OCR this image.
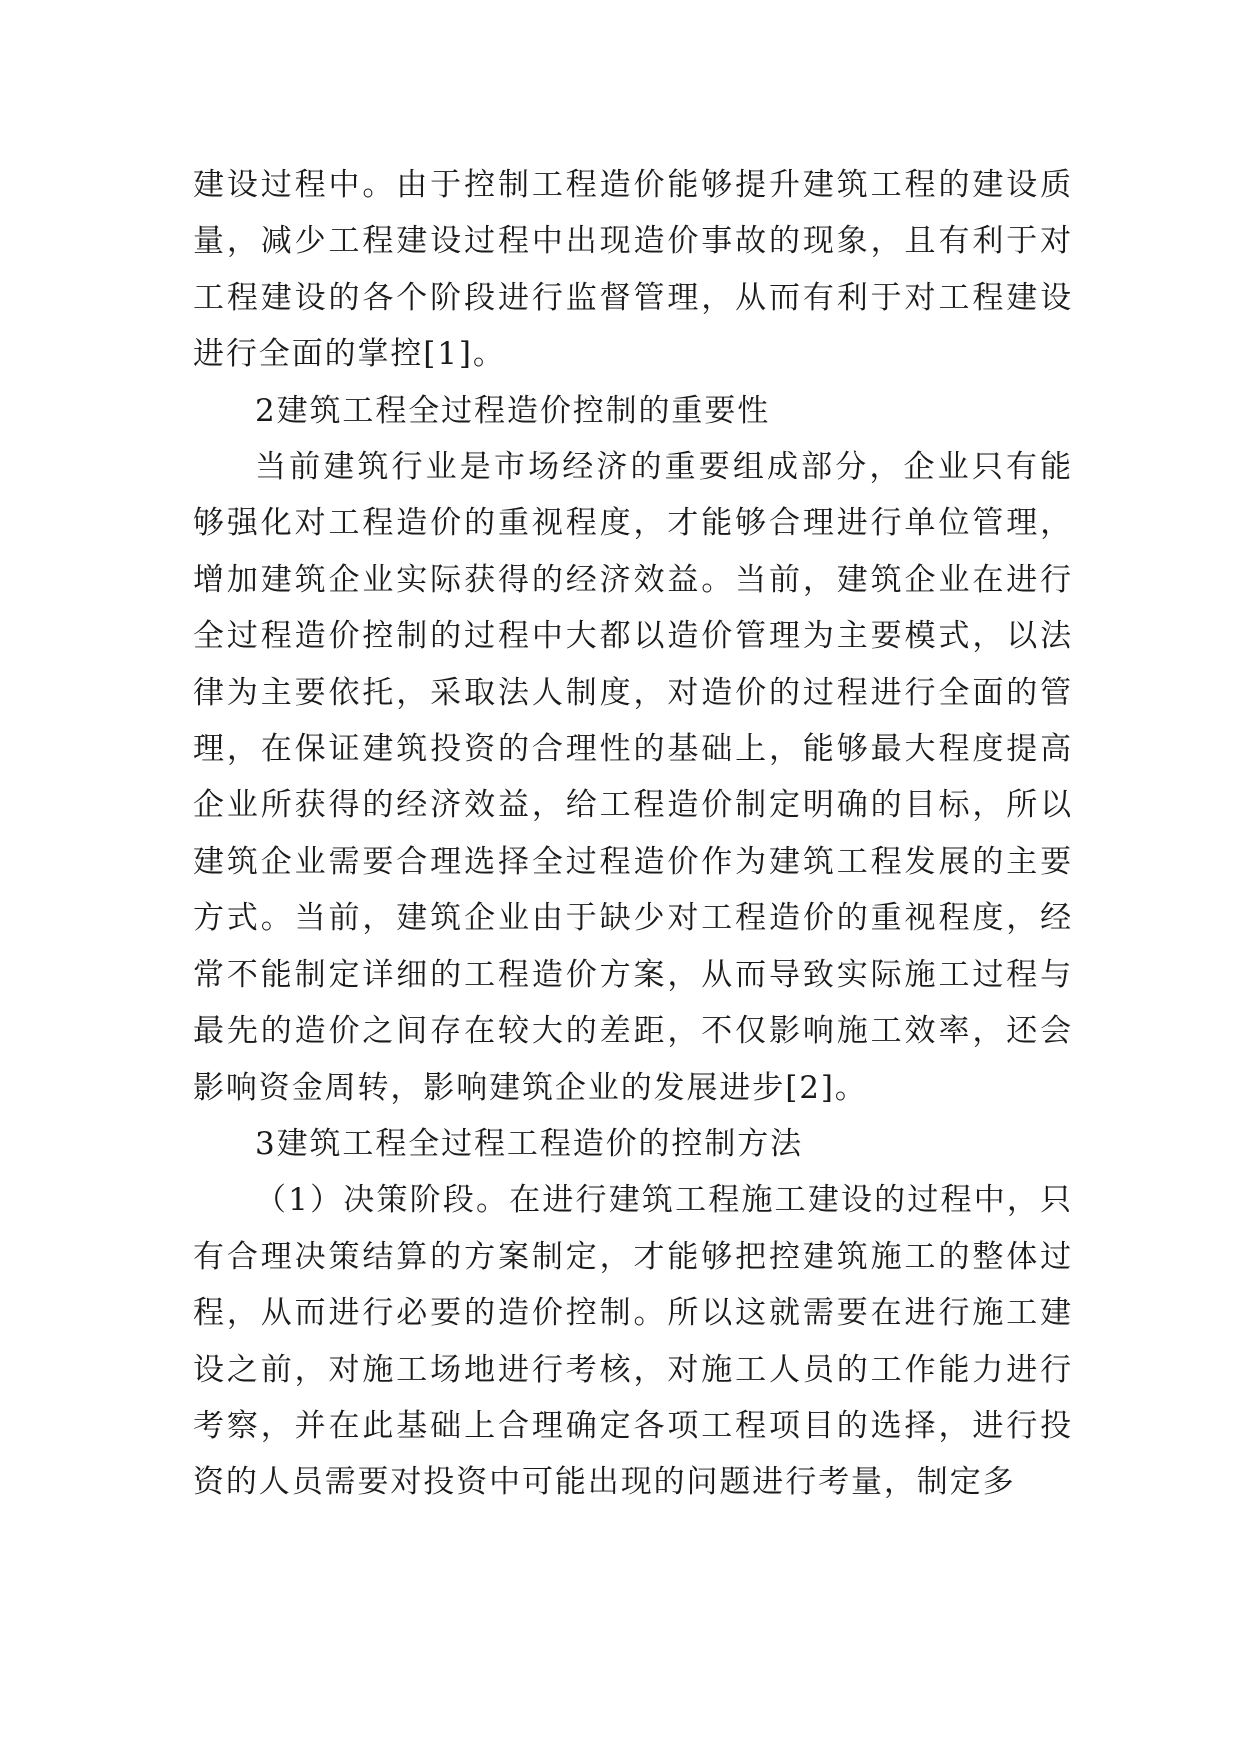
建设过程中。由于控制工程造价能够提升建筑工程的建设质量，减少工程建设过程中出现造价事故的现象，且有利于对工程建设的各个阶段进行监督管理，从而有利于对工程建设进行全面的掌控[1]。

2建筑工程全过程造价控制的重要性

当前建筑行业是市场经济的重要组成部分，企业只有能够强化对工程造价的重视程度，才能够合理进行单位管理，增加建筑企业实际获得的经济效益。当前，建筑企业在进行全过程造价控制的过程中大都以造价管理为主要模式，以法律为主要依托，采取法人制度，对造价的过程进行全面的管理，在保证建筑投资的合理性的基础上，能够最大程度提高企业所获得的经济效益，给工程造价制定明确的目标，所以建筑企业需要合理选择全过程造价作为建筑工程发展的主要方式。当前，建筑企业由于缺少对工程造价的重视程度，经常不能制定详细的工程造价方案，从而导致实际施工过程与最先的造价之间存在较大的差距，不仅影响施工效率，还会影响资金周转，影响建筑企业的发展进步[2]。

3建筑工程全过程工程造价的控制方法

（1）决策阶段。在进行建筑工程施工建设的过程中，只有合理决策结算的方案制定，才能够把控建筑施工的整体过程，从而进行必要的造价控制。所以这就需要在进行施工建设之前，对施工场地进行考核，对施工人员的工作能力进行考察，并在此基础上合理确定各项工程项目的选择，进行投资的人员需要对投资中可能出现的问题进行考量，制定多
